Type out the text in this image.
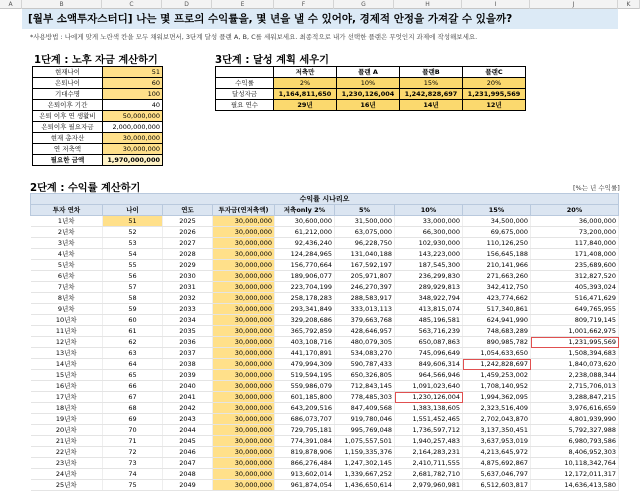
A	B	C	D	E	F	G	H	I	J	K
[월부 소액투자스터디] 나는 몇 프로의 수익률을, 몇 년을 낼 수 있어야, 경제적 안정을 가져갈 수 있을까?
*사용방법 : 나에게 맞게 노란색 칸을 모두 채워보면서, 3단계 달성 플랜 A, B, C를 세워보세요. 최종적으로 내가 선택한 플랜은 무엇인지 과제에 작성해보세요.
1단계 : 노후 자금 계산하기
현재나이	51
은퇴나이	60
기대수명	100
은퇴이후 기간	40
은퇴 이후 연 생활비	50,000,000
은퇴이후 필요자금	2,000,000,000
현재 총자산	30,000,000
연 저축액	30,000,000
필요한 금액	1,970,000,000
3단계 : 달성 계획 세우기
	저축만	플랜 A	플랜B	플랜C
수익률	2%	10%	15%	20%
달성자금	1,164,811,650	1,230,126,004	1,242,828,697	1,231,995,569
필요 연수	29년	16년	14년	12년
2단계 : 수익률 계산하기	[%는 년 수익률]
수익률 시나리오								
투자 연차	나이	연도	투자금(연저축액)	저축only 2%	5%	10%	15%	20%
1년차	51	2025	30,000,000	30,600,000	31,500,000	33,000,000	34,500,000	36,000,000
2년차	52	2026	30,000,000	61,212,000	63,075,000	66,300,000	69,675,000	73,200,000
3년차	53	2027	30,000,000	92,436,240	96,228,750	102,930,000	110,126,250	117,840,000
4년차	54	2028	30,000,000	124,284,965	131,040,188	143,223,000	156,645,188	171,408,000
5년차	55	2029	30,000,000	156,770,664	167,592,197	187,545,300	210,141,966	235,689,600
6년차	56	2030	30,000,000	189,906,077	205,971,807	236,299,830	271,663,260	312,827,520
7년차	57	2031	30,000,000	223,704,199	246,270,397	289,929,813	342,412,750	405,393,024
8년차	58	2032	30,000,000	258,178,283	288,583,917	348,922,794	423,774,662	516,471,629
9년차	59	2033	30,000,000	293,341,849	333,013,113	413,815,074	517,340,861	649,765,955
10년차	60	2034	30,000,000	329,208,686	379,663,768	485,196,581	624,941,990	809,719,145
11년차	61	2035	30,000,000	365,792,859	428,646,957	563,716,239	748,683,289	1,001,662,975
12년차	62	2036	30,000,000	403,108,716	480,079,305	650,087,863	890,985,782	1,231,995,569
13년차	63	2037	30,000,000	441,170,891	534,083,270	745,096,649	1,054,633,650	1,508,394,683
14년차	64	2038	30,000,000	479,994,309	590,787,433	849,606,314	1,242,828,697	1,840,073,620
15년차	65	2039	30,000,000	519,594,195	650,326,805	964,566,946	1,459,253,002	2,238,088,344
16년차	66	2040	30,000,000	559,986,079	712,843,145	1,091,023,640	1,708,140,952	2,715,706,013
17년차	67	2041	30,000,000	601,185,800	778,485,303	1,230,126,004	1,994,362,095	3,288,847,215
18년차	68	2042	30,000,000	643,209,516	847,409,568	1,383,138,605	2,323,516,409	3,976,616,659
19년차	69	2043	30,000,000	686,073,707	919,780,046	1,551,452,465	2,702,043,870	4,801,939,990
20년차	70	2044	30,000,000	729,795,181	995,769,048	1,736,597,712	3,137,350,451	5,792,327,988
21년차	71	2045	30,000,000	774,391,084	1,075,557,501	1,940,257,483	3,637,953,019	6,980,793,586
22년차	72	2046	30,000,000	819,878,906	1,159,335,376	2,164,283,231	4,213,645,972	8,406,952,303
23년차	73	2047	30,000,000	866,276,484	1,247,302,145	2,410,711,555	4,875,692,867	10,118,342,764
24년차	74	2048	30,000,000	913,602,014	1,339,667,252	2,681,782,710	5,637,046,797	12,172,011,317
25년차	75	2049	30,000,000	961,874,054	1,436,650,614	2,979,960,981	6,512,603,817	14,636,413,580
